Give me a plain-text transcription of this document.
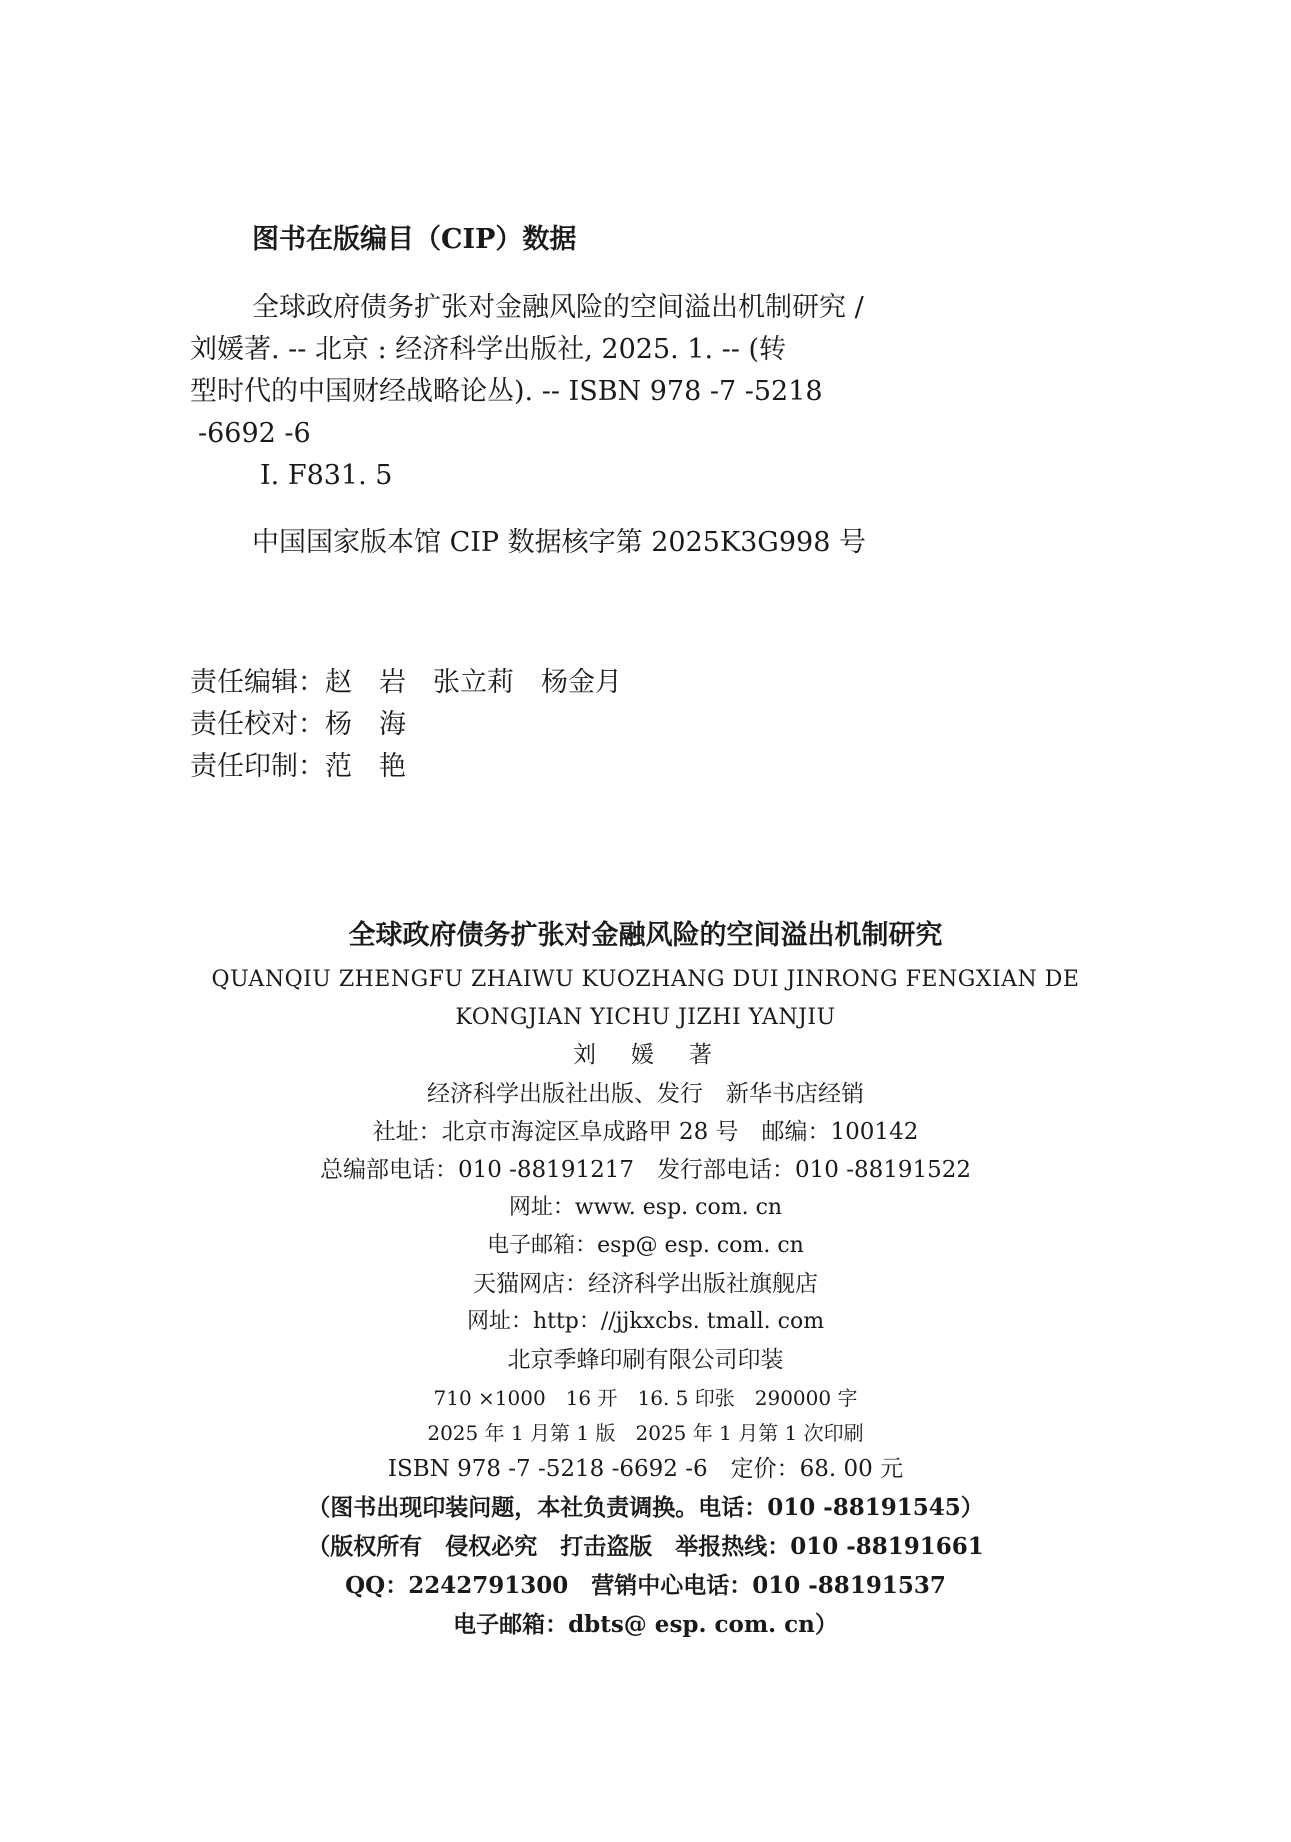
图书在版编目（CIP）数据
全球政府债务扩张对金融风险的空间溢出机制研究 /
刘媛著. -- 北京 : 经济科学出版社, 2025. 1. -- (转
型时代的中国财经战略论丛). -- ISBN 978 -7 -5218
-6692 -6
Ⅰ. F831. 5
中国国家版本馆 CIP 数据核字第 2025K3G998 号
责任编辑：赵　岩　张立莉　杨金月
责任校对：杨　海
责任印制：范　艳
全球政府债务扩张对金融风险的空间溢出机制研究
QUANQIU ZHENGFU ZHAIWU KUOZHANG DUI JINRONG FENGXIAN DE
KONGJIAN YICHU JIZHI YANJIU
刘　媛　著
经济科学出版社出版、发行　新华书店经销
社址：北京市海淀区阜成路甲 28 号　邮编：100142
总编部电话：010 -88191217　发行部电话：010 -88191522
网址：www. esp. com. cn
电子邮箱：esp@ esp. com. cn
天猫网店：经济科学出版社旗舰店
网址：http：//jjkxcbs. tmall. com
北京季蜂印刷有限公司印装
710 ×1000　16 开　16. 5 印张　290000 字
2025 年 1 月第 1 版　2025 年 1 月第 1 次印刷
ISBN 978 -7 -5218 -6692 -6　定价：68. 00 元
（图书出现印装问题，本社负责调换。电话：010 -88191545）
（版权所有　侵权必究　打击盗版　举报热线：010 -88191661
QQ：2242791300　营销中心电话：010 -88191537
电子邮箱：dbts@ esp. com. cn）
